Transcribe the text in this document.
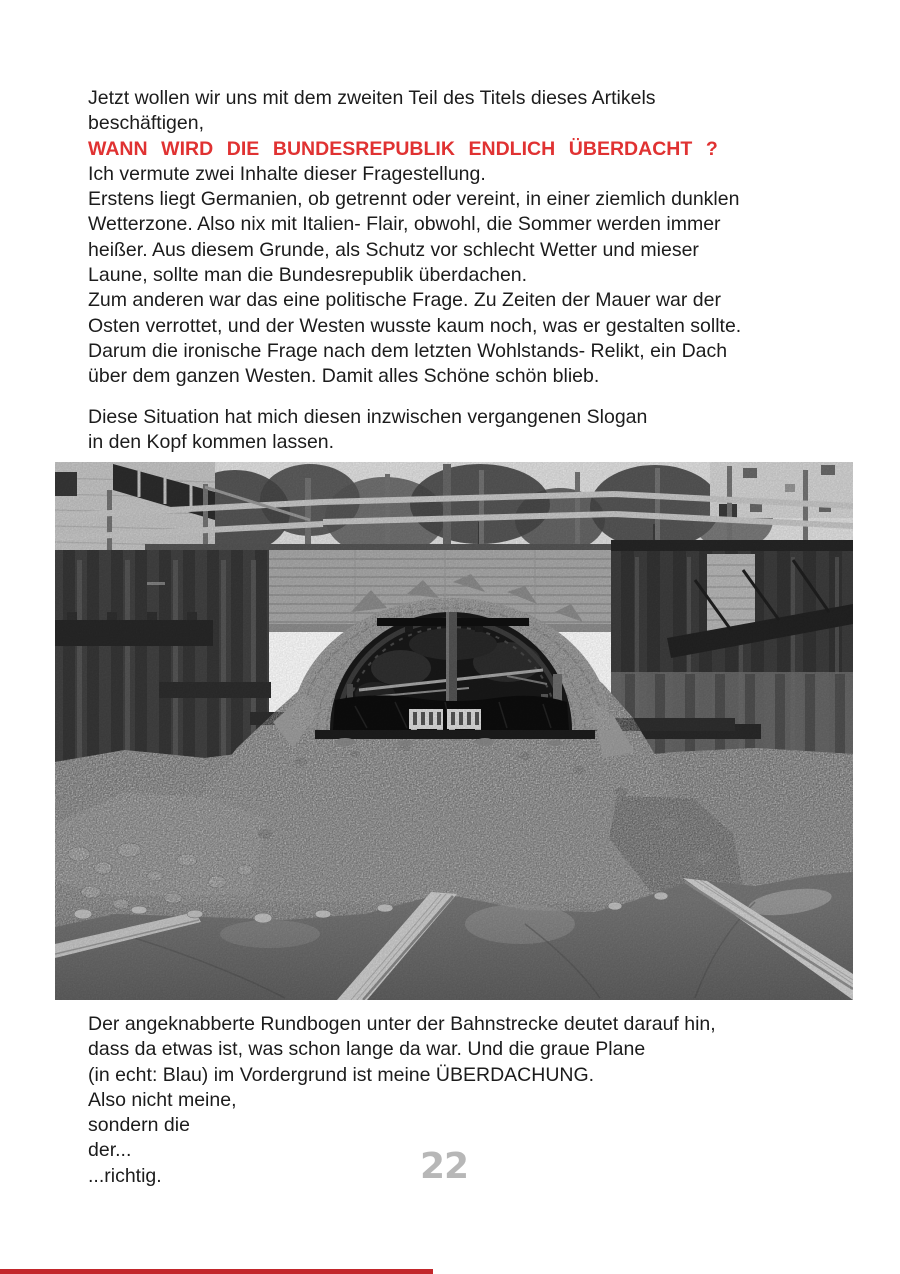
Jetzt wollen wir uns mit dem zweiten Teil des Titels dieses Artikels

beschäftigen,

WANN WIRD DIE BUNDESREPUBLIK ENDLICH ÜBERDACHT ?

Ich vermute zwei Inhalte dieser Fragestellung.

Erstens liegt Germanien, ob getrennt oder vereint, in einer ziemlich dunklen

Wetterzone. Also nix mit Italien- Flair, obwohl, die Sommer werden immer

heißer. Aus diesem Grunde, als Schutz vor schlecht Wetter und mieser

Laune, sollte man die Bundesrepublik überdachen.

Zum anderen war das eine politische Frage. Zu Zeiten der Mauer war der

Osten verrottet, und der Westen wusste kaum noch, was er gestalten sollte.

Darum die ironische Frage nach dem letzten Wohlstands- Relikt, ein Dach

über dem ganzen Westen. Damit alles Schöne schön blieb.

Diese Situation hat mich diesen inzwischen vergangenen Slogan

in den Kopf kommen lassen.

Der angeknabberte Rundbogen unter der Bahnstrecke deutet darauf hin,

dass da etwas ist, was schon lange da war. Und die graue Plane

(in echt: Blau) im Vordergrund ist meine ÜBERDACHUNG.

Also nicht meine,

sondern die

der...

...richtig.	22
